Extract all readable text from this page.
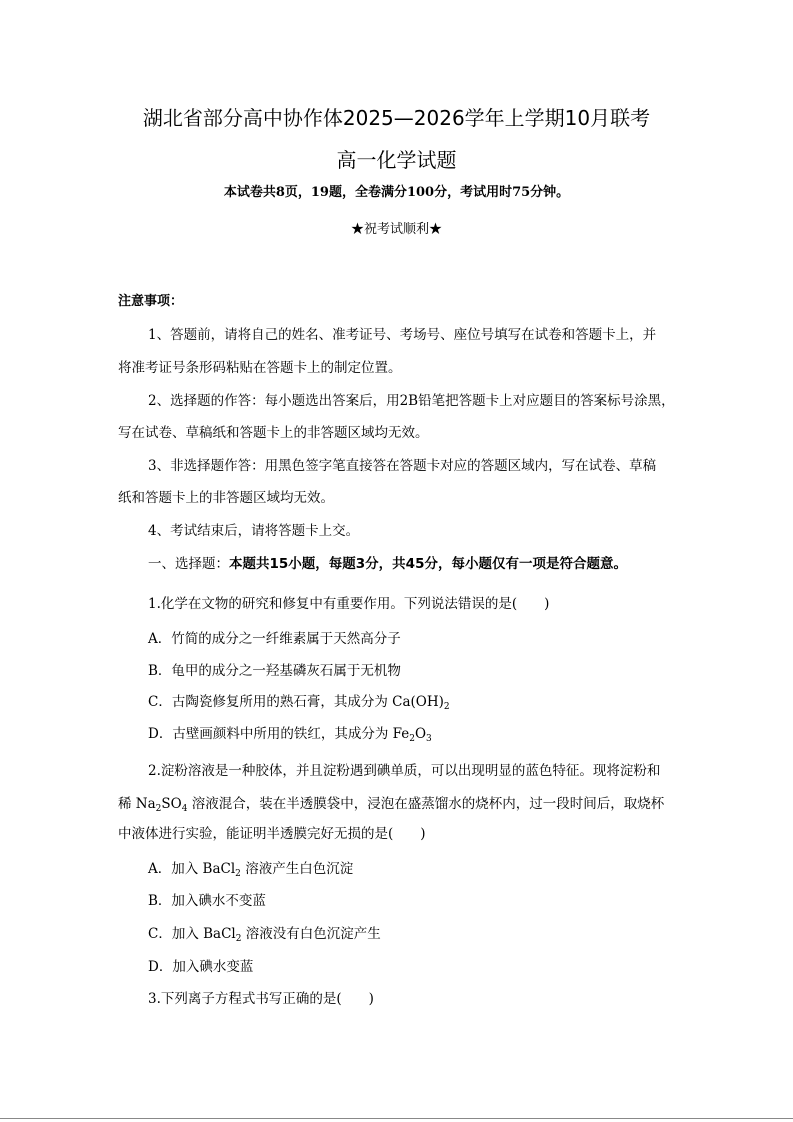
湖北省部分高中协作体2025—2026学年上学期10月联考
高一化学试题
本试卷共8页，19题，全卷满分100分，考试用时75分钟。
★祝考试顺利★
注意事项：
1、答题前，请将自己的姓名、准考证号、考场号、座位号填写在试卷和答题卡上，并
将准考证号条形码粘贴在答题卡上的制定位置。
2、选择题的作答：每小题选出答案后，用2B铅笔把答题卡上对应题目的答案标号涂黑，
写在试卷、草稿纸和答题卡上的非答题区域均无效。
3、非选择题作答：用黑色签字笔直接答在答题卡对应的答题区域内，写在试卷、草稿
纸和答题卡上的非答题区域均无效。
4、考试结束后，请将答题卡上交。
一、选择题：本题共15小题，每题3分，共45分，每小题仅有一项是符合题意。
1.化学在文物的研究和修复中有重要作用。下列说法错误的是(　　)
A．竹简的成分之一纤维素属于天然高分子
B．龟甲的成分之一羟基磷灰石属于无机物
C．古陶瓷修复所用的熟石膏，其成分为 $Ca(OH)_2$
D．古壁画颜料中所用的铁红，其成分为 $Fe_2O_3$
2.淀粉溶液是一种胶体，并且淀粉遇到碘单质，可以出现明显的蓝色特征。现将淀粉和
稀 $Na_2SO_4$ 溶液混合，装在半透膜袋中，浸泡在盛蒸馏水的烧杯内，过一段时间后，取烧杯
中液体进行实验，能证明半透膜完好无损的是(　　)
A．加入 BaCl$_2$ 溶液产生白色沉淀
B．加入碘水不变蓝
C．加入 BaCl$_2$ 溶液没有白色沉淀产生
D．加入碘水变蓝
3.下列离子方程式书写正确的是(　　)
